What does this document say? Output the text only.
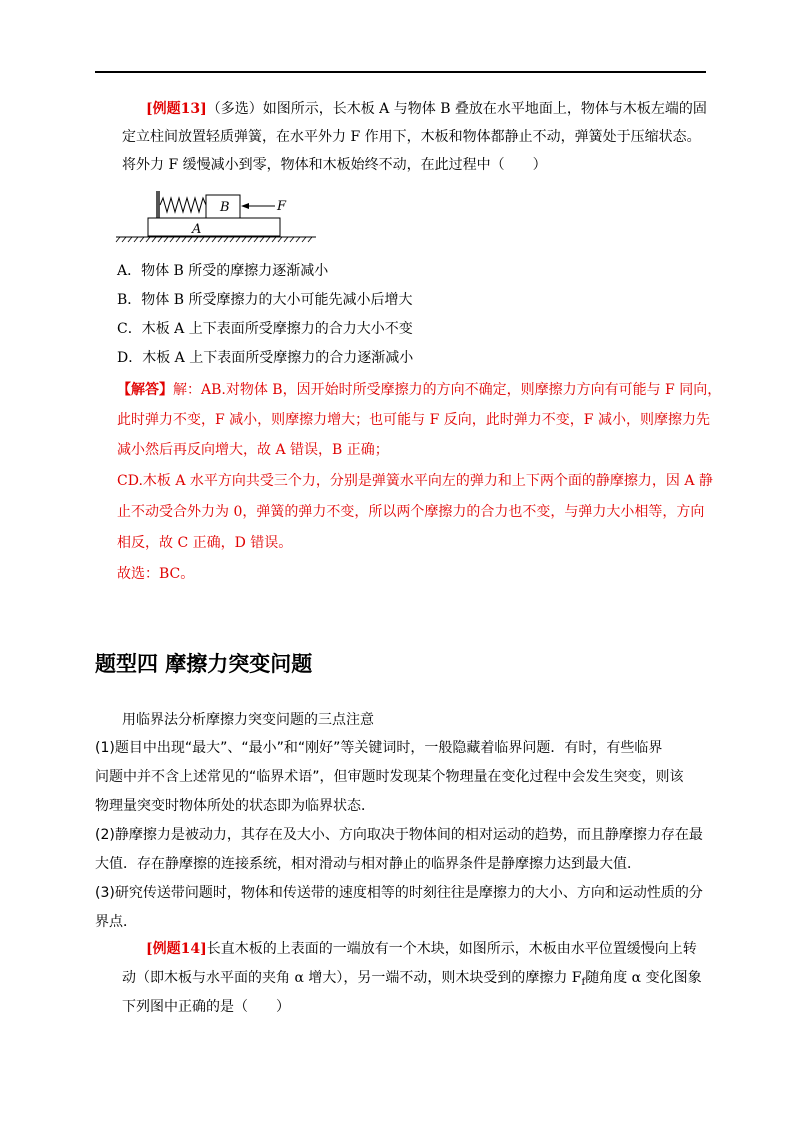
[例题13]（多选）如图所示，长木板 A 与物体 B 叠放在水平地面上，物体与木板左端的固
定立柱间放置轻质弹簧，在水平外力 F 作用下，木板和物体都静止不动，弹簧处于压缩状态。
将外力 F 缓慢减小到零，物体和木板始终不动，在此过程中（　　）
B	F
A
A．物体 B 所受的摩擦力逐渐减小
B．物体 B 所受摩擦力的大小可能先减小后增大
C．木板 A 上下表面所受摩擦力的合力大小不变
D．木板 A 上下表面所受摩擦力的合力逐渐减小
【解答】解：AB.对物体 B，因开始时所受摩擦力的方向不确定，则摩擦力方向有可能与 F 同向，
此时弹力不变，F 减小，则摩擦力增大；也可能与 F 反向，此时弹力不变，F 减小，则摩擦力先
减小然后再反向增大，故 A 错误，B 正确；
CD.木板 A 水平方向共受三个力，分别是弹簧水平向左的弹力和上下两个面的静摩擦力，因 A 静
止不动受合外力为 0，弹簧的弹力不变，所以两个摩擦力的合力也不变，与弹力大小相等，方向
相反，故 C 正确，D 错误。
故选：BC。
题型四 摩擦力突变问题
用临界法分析摩擦力突变问题的三点注意
(1)题目中出现“最大”、“最小”和“刚好”等关键词时，一般隐藏着临界问题．有时，有些临界
问题中并不含上述常见的“临界术语”，但审题时发现某个物理量在变化过程中会发生突变，则该
物理量突变时物体所处的状态即为临界状态．
(2)静摩擦力是被动力，其存在及大小、方向取决于物体间的相对运动的趋势，而且静摩擦力存在最
大值．存在静摩擦的连接系统，相对滑动与相对静止的临界条件是静摩擦力达到最大值．
(3)研究传送带问题时，物体和传送带的速度相等的时刻往往是摩擦力的大小、方向和运动性质的分
界点．
[例题14]长直木板的上表面的一端放有一个木块，如图所示，木板由水平位置缓慢向上转
动（即木板与水平面的夹角 α 增大），另一端不动，则木块受到的摩擦力 $F_f$随角度 α 变化图象
下列图中正确的是（　　）
